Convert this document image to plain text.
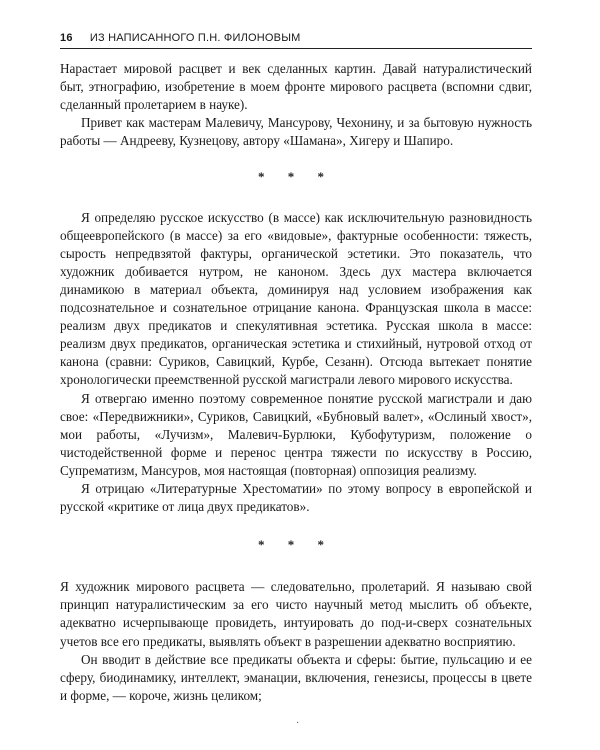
16 ИЗ НАПИСАННОГО П.Н. ФИЛОНОВЫМ

Нарастает мировой расцвет и век сделанных картин. Давай натуралистический быт, этнографию, изобретение в моем фронте мирового расцвета (вспомни сдвиг, сделанный пролетарием в науке).

Привет как мастерам Малевичу, Мансурову, Чехонину, и за бытовую нужность работы — Андрееву, Кузнецову, автору «Шамана», Хигеру и Шапиро.

* * *

Я определяю русское искусство (в массе) как исключительную разновидность общеевропейского (в массе) за его «видовые», фактурные особенности: тяжесть, сырость непредвзятой фактуры, органической эстетики. Это показатель, что художник добивается нутром, не каноном. Здесь дух мастера включается динамикою в материал объекта, доминируя над условием изображения как подсознательное и сознательное отрицание канона. Французская школа в массе: реализм двух предикатов и спекулятивная эстетика. Русская школа в массе: реализм двух предикатов, органическая эстетика и стихийный, нутровой отход от канона (сравни: Суриков, Савицкий, Курбе, Сезанн). Отсюда вытекает понятие хронологически преемственной русской магистрали левого мирового искусства.

Я отвергаю именно поэтому современное понятие русской магистрали и даю свое: «Передвижники», Суриков, Савицкий, «Бубновый валет», «Ослиный хвост», мои работы, «Лучизм», Малевич-Бурлюки, Кубофутуризм, положение о чистодейственной форме и перенос центра тяжести по искусству в Россию, Супрематизм, Мансуров, моя настоящая (повторная) оппозиция реализму.

Я отрицаю «Литературные Хрестоматии» по этому вопросу в европейской и русской «критике от лица двух предикатов».

* * *

Я художник мирового расцвета — следовательно, пролетарий. Я называю свой принцип натуралистическим за его чисто научный метод мыслить об объекте, адекватно исчерпывающе провидеть, интуировать до под-и-сверх сознательных учетов все его предикаты, выявлять объект в разрешении адекватно восприятию.

Он вводит в действие все предикаты объекта и сферы: бытие, пульсацию и ее сферу, биодинамику, интеллект, эманации, включения, генезисы, процессы в цвете и форме, — короче, жизнь целиком;

·
